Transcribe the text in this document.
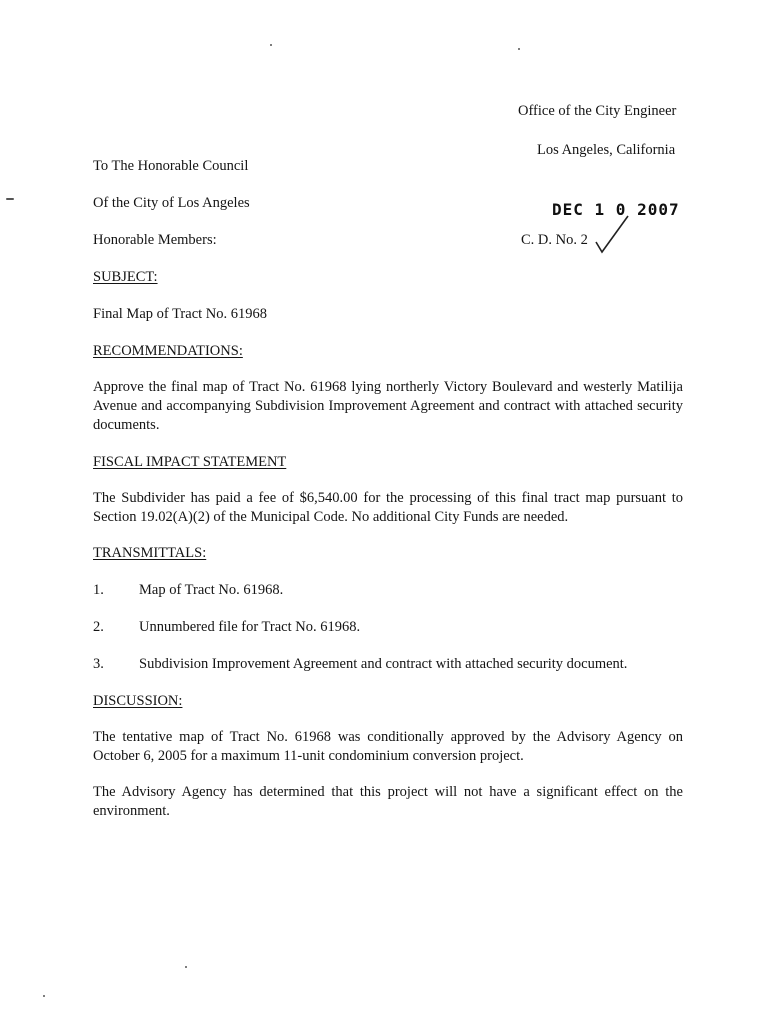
Office of the City Engineer
Los Angeles, California
DEC 1 0 2007
C. D. No. 2
To The Honorable Council
Of the City of Los Angeles
Honorable Members:
SUBJECT:
Final Map of Tract No. 61968
RECOMMENDATIONS:
Approve the final map of Tract No. 61968 lying northerly Victory Boulevard and westerly Matilija Avenue and accompanying Subdivision Improvement Agreement and contract with attached security documents.
FISCAL IMPACT STATEMENT
The Subdivider has paid a fee of $6,540.00 for the processing of this final tract map pursuant to Section 19.02(A)(2) of the Municipal Code. No additional City Funds are needed.
TRANSMITTALS:
1.	Map of Tract No. 61968.
2.	Unnumbered file for Tract No. 61968.
3.	Subdivision Improvement Agreement and contract with attached security document.
DISCUSSION:
The tentative map of Tract No. 61968 was conditionally approved by the Advisory Agency on October 6, 2005 for a maximum 11-unit condominium conversion project.
The Advisory Agency has determined that this project will not have a significant effect on the environment.
